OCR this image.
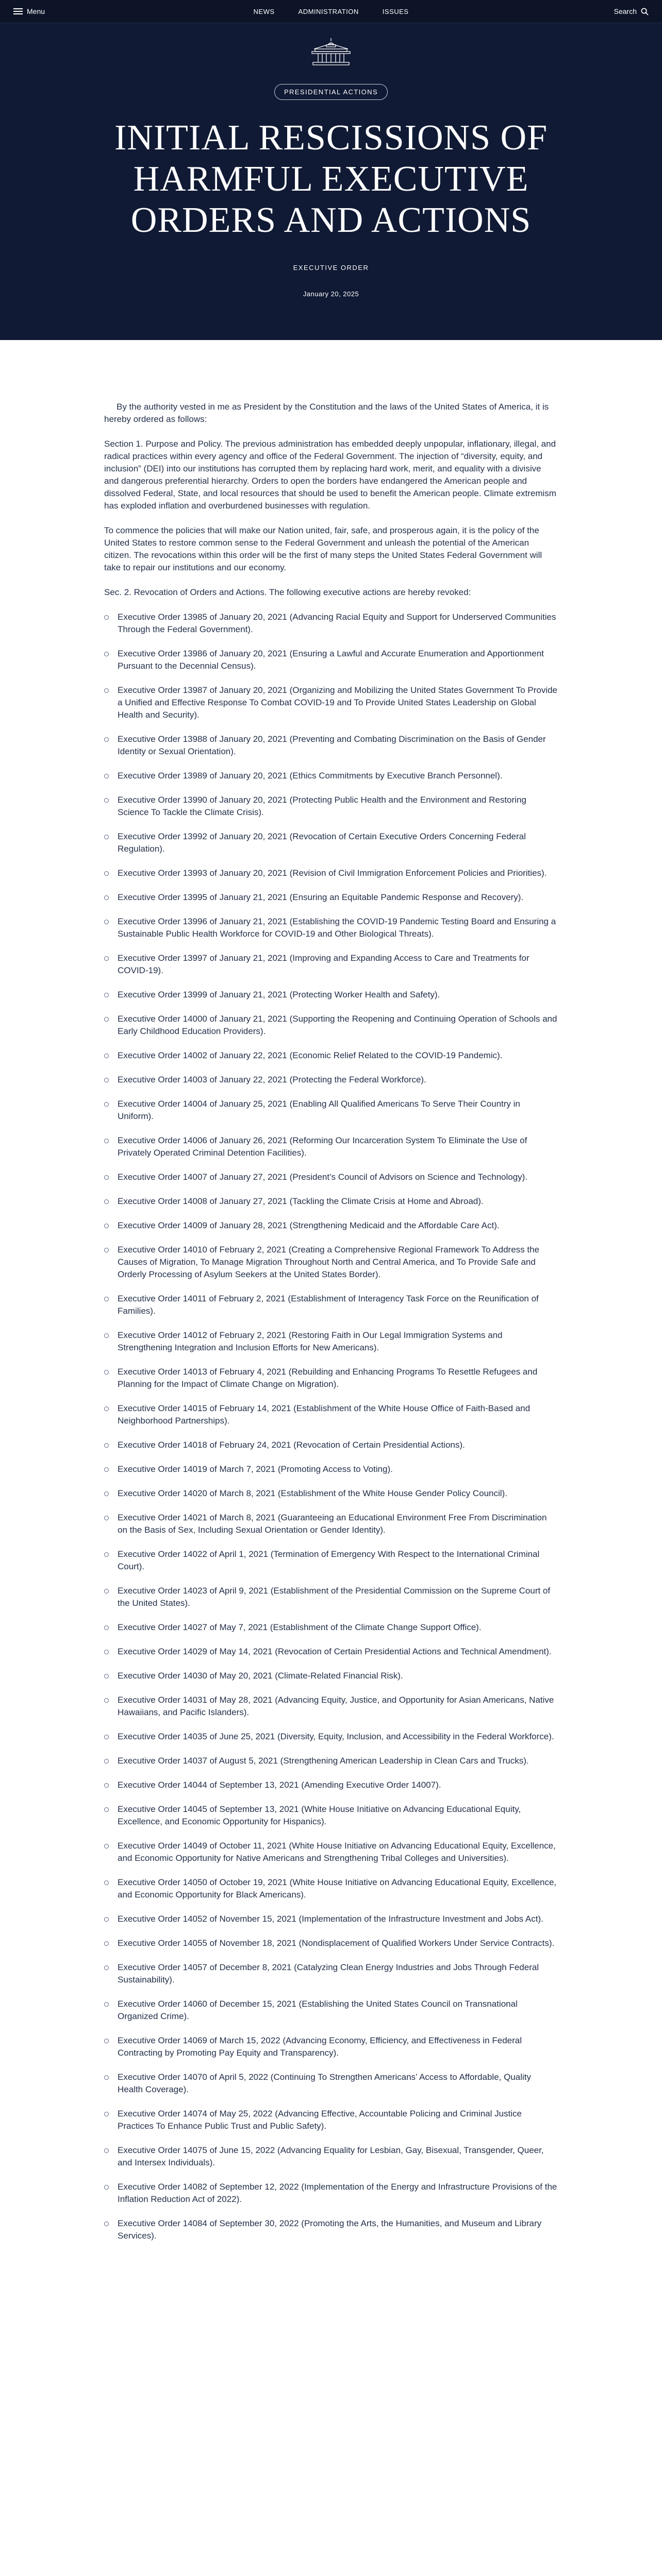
Menu	NEWS	ADMINISTRATION	ISSUES	Search
PRESIDENTIAL ACTIONS
INITIAL RESCISSIONS OF HARMFUL EXECUTIVE ORDERS AND ACTIONS
EXECUTIVE ORDER
January 20, 2025

By the authority vested in me as President by the Constitution and the laws of the United States of America, it is hereby ordered as follows:

Section 1. Purpose and Policy. The previous administration has embedded deeply unpopular, inflationary, illegal, and radical practices within every agency and office of the Federal Government. The injection of “diversity, equity, and inclusion” (DEI) into our institutions has corrupted them by replacing hard work, merit, and equality with a divisive and dangerous preferential hierarchy. Orders to open the borders have endangered the American people and dissolved Federal, State, and local resources that should be used to benefit the American people. Climate extremism has exploded inflation and overburdened businesses with regulation.

To commence the policies that will make our Nation united, fair, safe, and prosperous again, it is the policy of the United States to restore common sense to the Federal Government and unleash the potential of the American citizen. The revocations within this order will be the first of many steps the United States Federal Government will take to repair our institutions and our economy.

Sec. 2. Revocation of Orders and Actions. The following executive actions are hereby revoked:

Executive Order 13985 of January 20, 2021 (Advancing Racial Equity and Support for Underserved Communities Through the Federal Government).
Executive Order 13986 of January 20, 2021 (Ensuring a Lawful and Accurate Enumeration and Apportionment Pursuant to the Decennial Census).
Executive Order 13987 of January 20, 2021 (Organizing and Mobilizing the United States Government To Provide a Unified and Effective Response To Combat COVID-19 and To Provide United States Leadership on Global Health and Security).
Executive Order 13988 of January 20, 2021 (Preventing and Combating Discrimination on the Basis of Gender Identity or Sexual Orientation).
Executive Order 13989 of January 20, 2021 (Ethics Commitments by Executive Branch Personnel).
Executive Order 13990 of January 20, 2021 (Protecting Public Health and the Environment and Restoring Science To Tackle the Climate Crisis).
Executive Order 13992 of January 20, 2021 (Revocation of Certain Executive Orders Concerning Federal Regulation).
Executive Order 13993 of January 20, 2021 (Revision of Civil Immigration Enforcement Policies and Priorities).
Executive Order 13995 of January 21, 2021 (Ensuring an Equitable Pandemic Response and Recovery).
Executive Order 13996 of January 21, 2021 (Establishing the COVID-19 Pandemic Testing Board and Ensuring a Sustainable Public Health Workforce for COVID-19 and Other Biological Threats).
Executive Order 13997 of January 21, 2021 (Improving and Expanding Access to Care and Treatments for COVID-19).
Executive Order 13999 of January 21, 2021 (Protecting Worker Health and Safety).
Executive Order 14000 of January 21, 2021 (Supporting the Reopening and Continuing Operation of Schools and Early Childhood Education Providers).
Executive Order 14002 of January 22, 2021 (Economic Relief Related to the COVID-19 Pandemic).
Executive Order 14003 of January 22, 2021 (Protecting the Federal Workforce).
Executive Order 14004 of January 25, 2021 (Enabling All Qualified Americans To Serve Their Country in Uniform).
Executive Order 14006 of January 26, 2021 (Reforming Our Incarceration System To Eliminate the Use of Privately Operated Criminal Detention Facilities).
Executive Order 14007 of January 27, 2021 (President’s Council of Advisors on Science and Technology).
Executive Order 14008 of January 27, 2021 (Tackling the Climate Crisis at Home and Abroad).
Executive Order 14009 of January 28, 2021 (Strengthening Medicaid and the Affordable Care Act).
Executive Order 14010 of February 2, 2021 (Creating a Comprehensive Regional Framework To Address the Causes of Migration, To Manage Migration Throughout North and Central America, and To Provide Safe and Orderly Processing of Asylum Seekers at the United States Border).
Executive Order 14011 of February 2, 2021 (Establishment of Interagency Task Force on the Reunification of Families).
Executive Order 14012 of February 2, 2021 (Restoring Faith in Our Legal Immigration Systems and Strengthening Integration and Inclusion Efforts for New Americans).
Executive Order 14013 of February 4, 2021 (Rebuilding and Enhancing Programs To Resettle Refugees and Planning for the Impact of Climate Change on Migration).
Executive Order 14015 of February 14, 2021 (Establishment of the White House Office of Faith-Based and Neighborhood Partnerships).
Executive Order 14018 of February 24, 2021 (Revocation of Certain Presidential Actions).
Executive Order 14019 of March 7, 2021 (Promoting Access to Voting).
Executive Order 14020 of March 8, 2021 (Establishment of the White House Gender Policy Council).
Executive Order 14021 of March 8, 2021 (Guaranteeing an Educational Environment Free From Discrimination on the Basis of Sex, Including Sexual Orientation or Gender Identity).
Executive Order 14022 of April 1, 2021 (Termination of Emergency With Respect to the International Criminal Court).
Executive Order 14023 of April 9, 2021 (Establishment of the Presidential Commission on the Supreme Court of the United States).
Executive Order 14027 of May 7, 2021 (Establishment of the Climate Change Support Office).
Executive Order 14029 of May 14, 2021 (Revocation of Certain Presidential Actions and Technical Amendment).
Executive Order 14030 of May 20, 2021 (Climate-Related Financial Risk).
Executive Order 14031 of May 28, 2021 (Advancing Equity, Justice, and Opportunity for Asian Americans, Native Hawaiians, and Pacific Islanders).
Executive Order 14035 of June 25, 2021 (Diversity, Equity, Inclusion, and Accessibility in the Federal Workforce).
Executive Order 14037 of August 5, 2021 (Strengthening American Leadership in Clean Cars and Trucks).
Executive Order 14044 of September 13, 2021 (Amending Executive Order 14007).
Executive Order 14045 of September 13, 2021 (White House Initiative on Advancing Educational Equity, Excellence, and Economic Opportunity for Hispanics).
Executive Order 14049 of October 11, 2021 (White House Initiative on Advancing Educational Equity, Excellence, and Economic Opportunity for Native Americans and Strengthening Tribal Colleges and Universities).
Executive Order 14050 of October 19, 2021 (White House Initiative on Advancing Educational Equity, Excellence, and Economic Opportunity for Black Americans).
Executive Order 14052 of November 15, 2021 (Implementation of the Infrastructure Investment and Jobs Act).
Executive Order 14055 of November 18, 2021 (Nondisplacement of Qualified Workers Under Service Contracts).
Executive Order 14057 of December 8, 2021 (Catalyzing Clean Energy Industries and Jobs Through Federal Sustainability).
Executive Order 14060 of December 15, 2021 (Establishing the United States Council on Transnational Organized Crime).
Executive Order 14069 of March 15, 2022 (Advancing Economy, Efficiency, and Effectiveness in Federal Contracting by Promoting Pay Equity and Transparency).
Executive Order 14070 of April 5, 2022 (Continuing To Strengthen Americans’ Access to Affordable, Quality Health Coverage).
Executive Order 14074 of May 25, 2022 (Advancing Effective, Accountable Policing and Criminal Justice Practices To Enhance Public Trust and Public Safety).
Executive Order 14075 of June 15, 2022 (Advancing Equality for Lesbian, Gay, Bisexual, Transgender, Queer, and Intersex Individuals).
Executive Order 14082 of September 12, 2022 (Implementation of the Energy and Infrastructure Provisions of the Inflation Reduction Act of 2022).
Executive Order 14084 of September 30, 2022 (Promoting the Arts, the Humanities, and Museum and Library Services).
